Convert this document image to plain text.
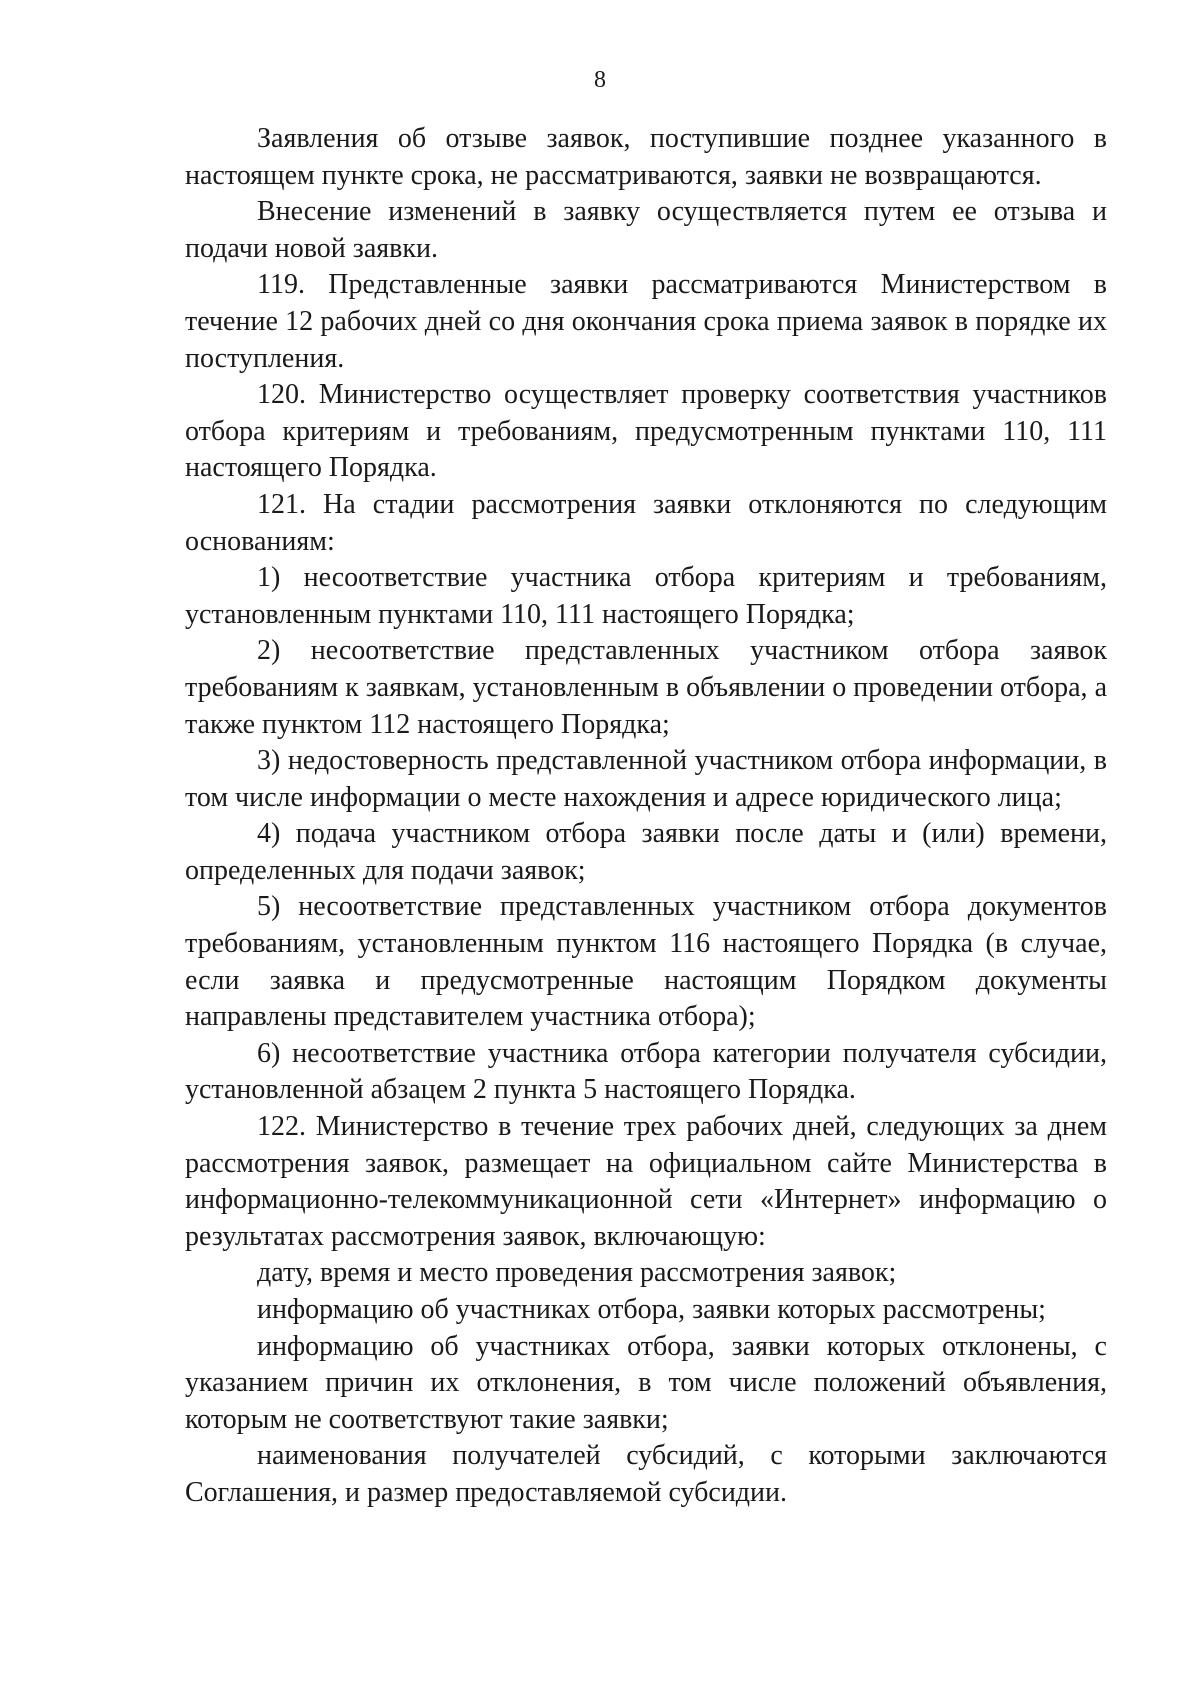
8

Заявления об отзыве заявок, поступившие позднее указанного в настоящем пункте срока, не рассматриваются, заявки не возвращаются.

Внесение изменений в заявку осуществляется путем ее отзыва и подачи новой заявки.

119. Представленные заявки рассматриваются Министерством в течение 12 рабочих дней со дня окончания срока приема заявок в порядке их поступления.

120. Министерство осуществляет проверку соответствия участников отбора критериям и требованиям, предусмотренным пунктами 110, 111 настоящего Порядка.

121. На стадии рассмотрения заявки отклоняются по следующим основаниям:

1) несоответствие участника отбора критериям и требованиям, установленным пунктами 110, 111 настоящего Порядка;

2) несоответствие представленных участником отбора заявок требованиям к заявкам, установленным в объявлении о проведении отбора, а также пунктом 112 настоящего Порядка;

3) недостоверность представленной участником отбора информации, в том числе информации о месте нахождения и адресе юридического лица;

4) подача участником отбора заявки после даты и (или) времени, определенных для подачи заявок;

5) несоответствие представленных участником отбора документов требованиям, установленным пунктом 116 настоящего Порядка (в случае, если заявка и предусмотренные настоящим Порядком документы направлены представителем участника отбора);

6) несоответствие участника отбора категории получателя субсидии, установленной абзацем 2 пункта 5 настоящего Порядка.

122. Министерство в течение трех рабочих дней, следующих за днем рассмотрения заявок, размещает на официальном сайте Министерства в информационно-телекоммуникационной сети «Интернет» информацию о результатах рассмотрения заявок, включающую:

дату, время и место проведения рассмотрения заявок;

информацию об участниках отбора, заявки которых рассмотрены;

информацию об участниках отбора, заявки которых отклонены, с указанием причин их отклонения, в том числе положений объявления, которым не соответствуют такие заявки;

наименования получателей субсидий, с которыми заключаются Соглашения, и размер предоставляемой субсидии.
